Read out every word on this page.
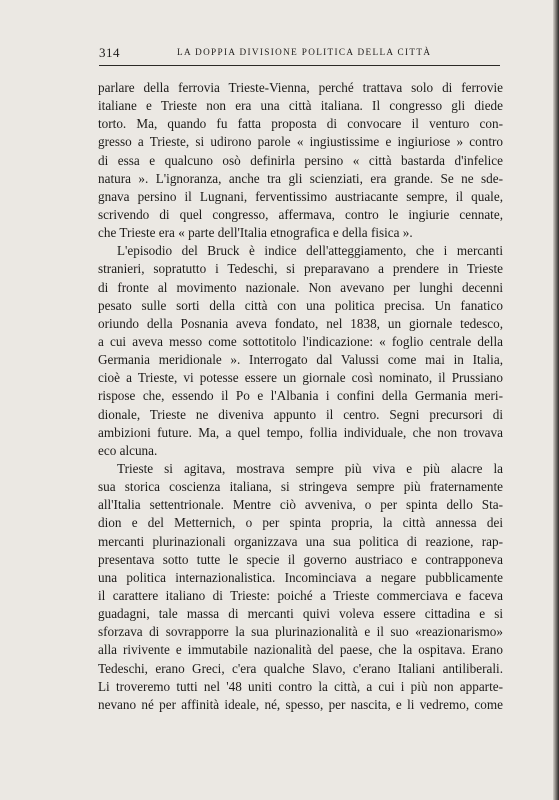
314	LA DOPPIA DIVISIONE POLITICA DELLA CITTÀ
parlare della ferrovia Trieste-Vienna, perché trattava solo di ferrovie
italiane e Trieste non era una città italiana. Il congresso gli diede
torto. Ma, quando fu fatta proposta di convocare il venturo con-
gresso a Trieste, si udirono parole « ingiustissime e ingiuriose » contro
di essa e qualcuno osò definirla persino « città bastarda d'infelice
natura ». L'ignoranza, anche tra gli scienziati, era grande. Se ne sde-
gnava persino il Lugnani, ferventissimo austriacante sempre, il quale,
scrivendo di quel congresso, affermava, contro le ingiurie cennate,
che Trieste era « parte dell'Italia etnografica e della fisica ».
L'episodio del Bruck è indice dell'atteggiamento, che i mercanti
stranieri, sopratutto i Tedeschi, si preparavano a prendere in Trieste
di fronte al movimento nazionale. Non avevano per lunghi decenni
pesato sulle sorti della città con una politica precisa. Un fanatico
oriundo della Posnania aveva fondato, nel 1838, un giornale tedesco,
a cui aveva messo come sottotitolo l'indicazione: « foglio centrale della
Germania meridionale ». Interrogato dal Valussi come mai in Italia,
cioè a Trieste, vi potesse essere un giornale così nominato, il Prussiano
rispose che, essendo il Po e l'Albania i confini della Germania meri-
dionale, Trieste ne diveniva appunto il centro. Segni precursori di
ambizioni future. Ma, a quel tempo, follia individuale, che non trovava
eco alcuna.
Trieste si agitava, mostrava sempre più viva e più alacre la
sua storica coscienza italiana, si stringeva sempre più fraternamente
all'Italia settentrionale. Mentre ciò avveniva, o per spinta dello Sta-
dion e del Metternich, o per spinta propria, la città annessa dei
mercanti plurinazionali organizzava una sua politica di reazione, rap-
presentava sotto tutte le specie il governo austriaco e contrapponeva
una politica internazionalistica. Incominciava a negare pubblicamente
il carattere italiano di Trieste: poiché a Trieste commerciava e faceva
guadagni, tale massa di mercanti quivi voleva essere cittadina e si
sforzava di sovrapporre la sua plurinazionalità e il suo «reazionarismo»
alla rivivente e immutabile nazionalità del paese, che la ospitava. Erano
Tedeschi, erano Greci, c'era qualche Slavo, c'erano Italiani antiliberali.
Li troveremo tutti nel '48 uniti contro la città, a cui i più non apparte-
nevano né per affinità ideale, né, spesso, per nascita, e li vedremo, come
